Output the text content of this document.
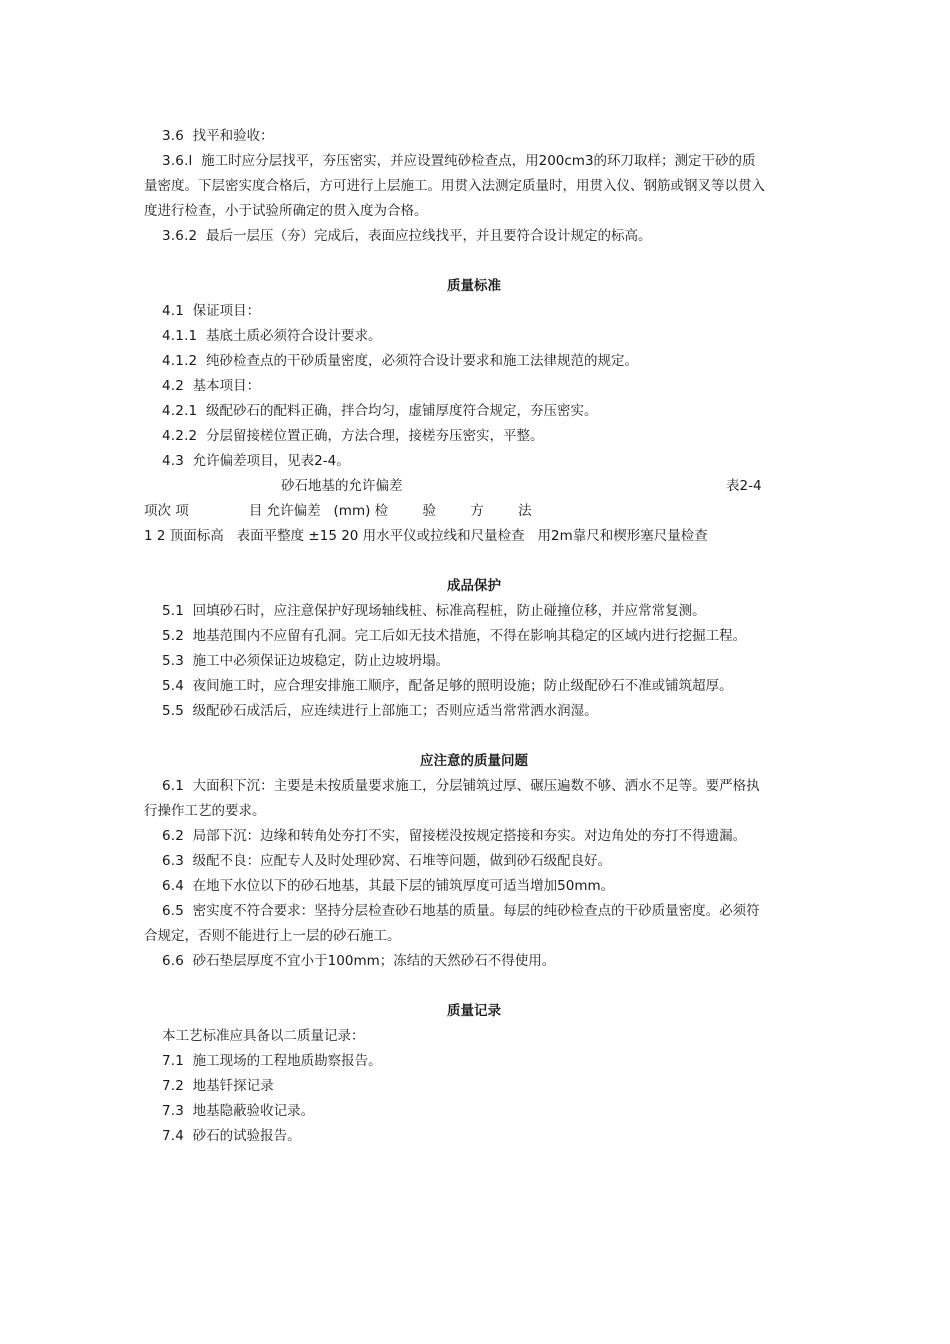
3.6 找平和验收：

3.6.l 施工时应分层找平，夯压密实，并应设置纯砂检查点，用200cm3的环刀取样；测定干砂的质

量密度。下层密实度合格后，方可进行上层施工。用贯入法测定质量时，用贯入仪、钢筋或钢叉等以贯入

度进行检查，小于试验所确定的贯入度为合格。

3.6.2 最后一层压（夯）完成后，表面应拉线找平，并且要符合设计规定的标高。

质量标准

4.1 保证项目：

4.1.1 基底土质必须符合设计要求。

4.1.2 纯砂检查点的干砂质量密度，必须符合设计要求和施工法律规范的规定。

4.2 基本项目：

4.2.1 级配砂石的配料正确，拌合均匀，虚铺厚度符合规定，夯压密实。

4.2.2 分层留接槎位置正确，方法合理，接槎夯压密实，平整。

4.3 允许偏差项目，见表2-4。

砂石地基的允许偏差	表2-4

项次 项              目 允许偏差   (mm) 检        验        方        法

1 2 顶面标高   表面平整度 ±15 20 用水平仪或拉线和尺量检查   用2m靠尺和楔形塞尺量检查

成品保护

5.1 回填砂石时，应注意保护好现场轴线桩、标准高程桩，防止碰撞位移，并应常常复测。

5.2 地基范围内不应留有孔洞。完工后如无技术措施，不得在影响其稳定的区域内进行挖掘工程。

5.3 施工中必须保证边坡稳定，防止边坡坍塌。

5.4 夜间施工时，应合理安排施工顺序，配备足够的照明设施；防止级配砂石不准或铺筑超厚。

5.5 级配砂石成活后，应连续进行上部施工；否则应适当常常洒水润湿。

应注意的质量问题

6.1 大面积下沉：主要是未按质量要求施工，分层铺筑过厚、碾压遍数不够、洒水不足等。要严格执

行操作工艺的要求。

6.2 局部下沉：边缘和转角处夯打不实，留接槎没按规定搭接和夯实。对边角处的夯打不得遗漏。

6.3 级配不良：应配专人及时处理砂窝、石堆等问题，做到砂石级配良好。

6.4 在地下水位以下的砂石地基，其最下层的铺筑厚度可适当增加50mm。

6.5 密实度不符合要求：坚持分层检查砂石地基的质量。每层的纯砂检查点的干砂质量密度。必须符

合规定，否则不能进行上一层的砂石施工。

6.6 砂石垫层厚度不宜小于100mm；冻结的天然砂石不得使用。

质量记录

本工艺标准应具备以二质量记录：

7.1 施工现场的工程地质勘察报告。

7.2 地基钎探记录

7.3 地基隐蔽验收记录。

7.4 砂石的试验报告。
